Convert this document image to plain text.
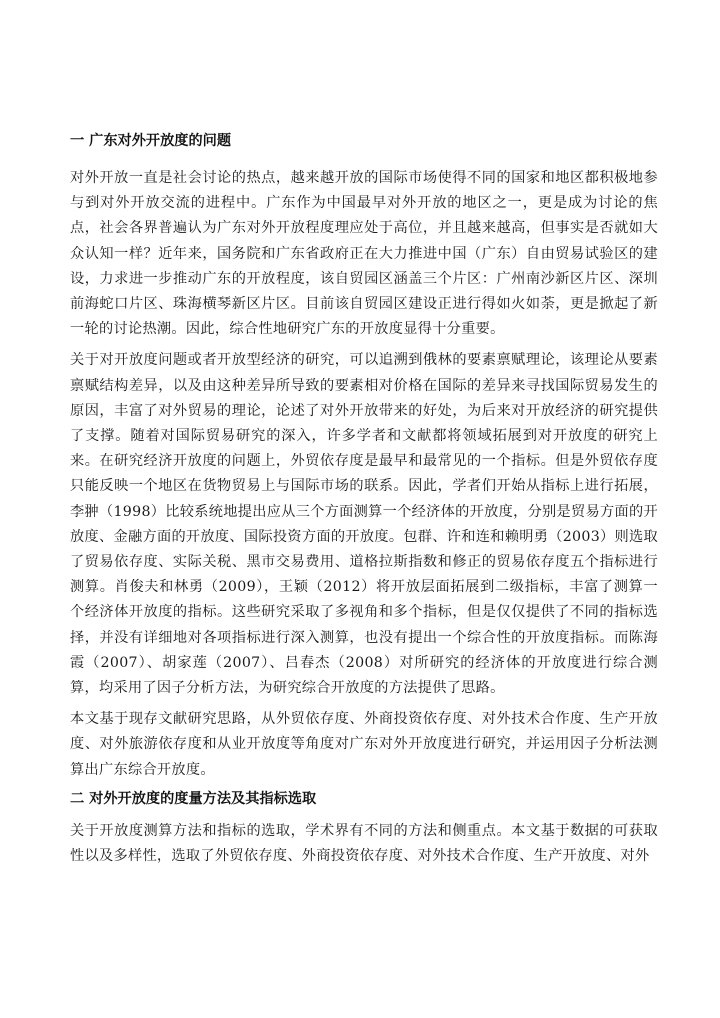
一 广东对外开放度的问题

对外开放一直是社会讨论的热点，越来越开放的国际市场使得不同的国家和地区都积极地参与到对外开放交流的进程中。广东作为中国最早对外开放的地区之一，更是成为讨论的焦点，社会各界普遍认为广东对外开放程度理应处于高位，并且越来越高，但事实是否就如大众认知一样？近年来，国务院和广东省政府正在大力推进中国（广东）自由贸易试验区的建设，力求进一步推动广东的开放程度，该自贸园区涵盖三个片区：广州南沙新区片区、深圳前海蛇口片区、珠海横琴新区片区。目前该自贸园区建设正进行得如火如荼，更是掀起了新一轮的讨论热潮。因此，综合性地研究广东的开放度显得十分重要。

关于对开放度问题或者开放型经济的研究，可以追溯到俄林的要素禀赋理论，该理论从要素禀赋结构差异，以及由这种差异所导致的要素相对价格在国际的差异来寻找国际贸易发生的原因，丰富了对外贸易的理论，论述了对外开放带来的好处，为后来对开放经济的研究提供了支撑。随着对国际贸易研究的深入，许多学者和文献都将领域拓展到对开放度的研究上来。在研究经济开放度的问题上，外贸依存度是最早和最常见的一个指标。但是外贸依存度只能反映一个地区在货物贸易上与国际市场的联系。因此，学者们开始从指标上进行拓展，李翀（1998）比较系统地提出应从三个方面测算一个经济体的开放度，分别是贸易方面的开放度、金融方面的开放度、国际投资方面的开放度。包群、许和连和赖明勇（2003）则选取了贸易依存度、实际关税、黑市交易费用、道格拉斯指数和修正的贸易依存度五个指标进行测算。肖俊夫和林勇（2009），王颖（2012）将开放层面拓展到二级指标，丰富了测算一个经济体开放度的指标。这些研究采取了多视角和多个指标，但是仅仅提供了不同的指标选择，并没有详细地对各项指标进行深入测算，也没有提出一个综合性的开放度指标。而陈海霞（2007）、胡家莲（2007）、吕春杰（2008）对所研究的经济体的开放度进行综合测算，均采用了因子分析方法，为研究综合开放度的方法提供了思路。

本文基于现存文献研究思路，从外贸依存度、外商投资依存度、对外技术合作度、生产开放度、对外旅游依存度和从业开放度等角度对广东对外开放度进行研究，并运用因子分析法测算出广东综合开放度。

二 对外开放度的度量方法及其指标选取

关于开放度测算方法和指标的选取，学术界有不同的方法和侧重点。本文基于数据的可获取性以及多样性，选取了外贸依存度、外商投资依存度、对外技术合作度、生产开放度、对外
